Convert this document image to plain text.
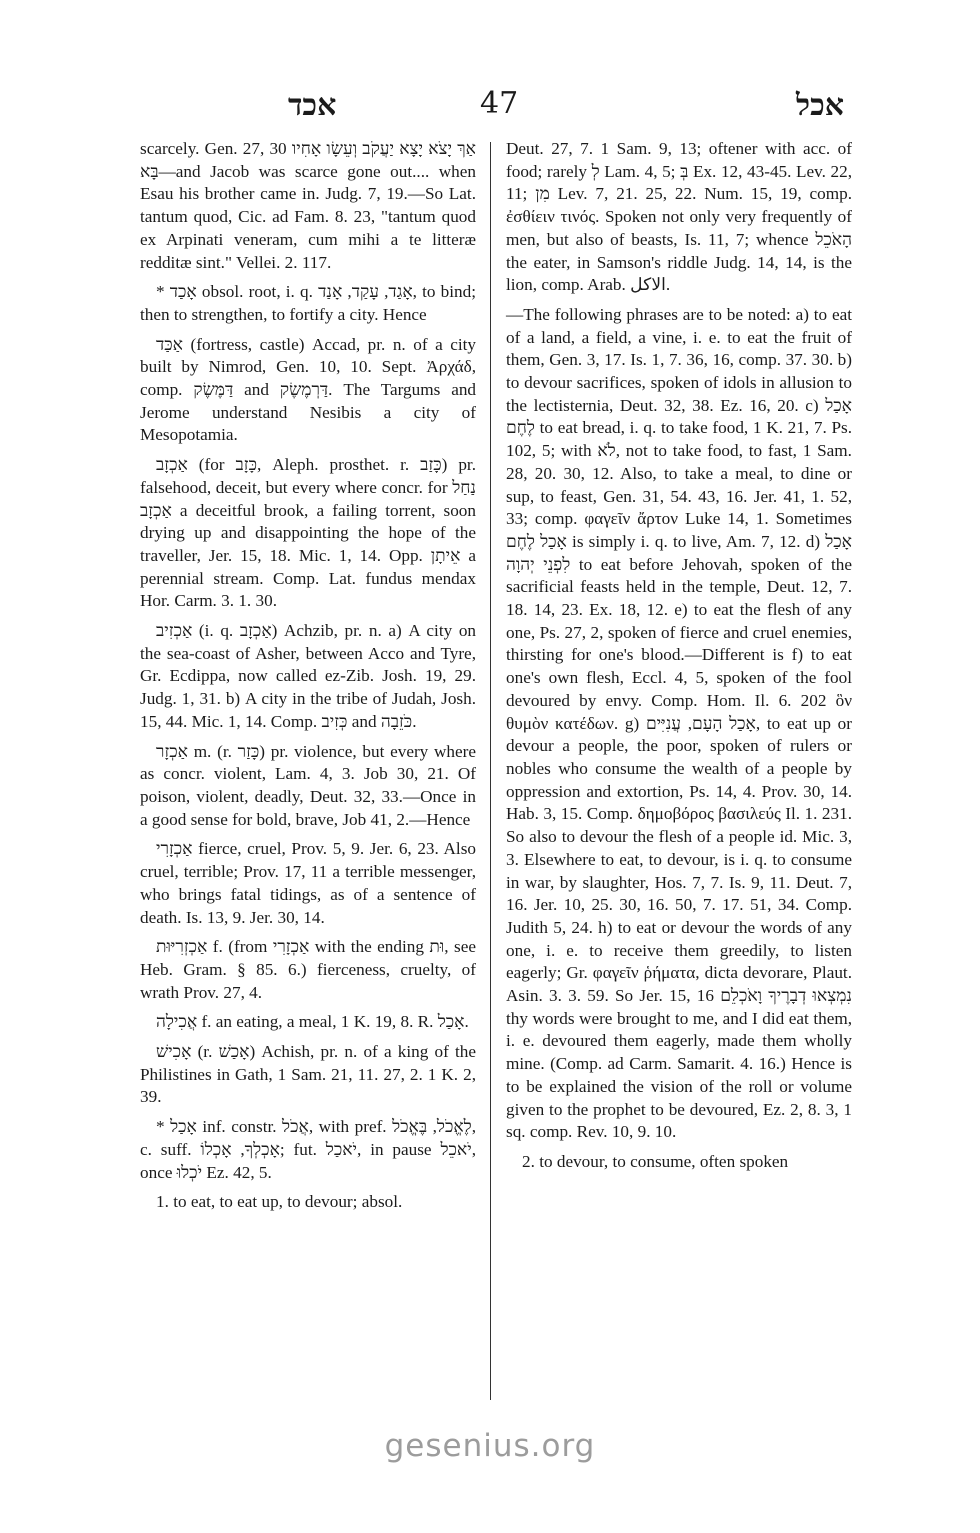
אכד	47	אכל

scarcely. Gen. 27, 30 אַךְ יָצֹא יָצָא יַעֲקֹב וְעֵשָׂו אָחִיו בָּא—and Jacob was scarce gone out.... when Esau his brother came in. Judg. 7, 19.—So Lat. tantum quod, Cic. ad Fam. 8. 23, "tantum quod ex Arpinati veneram, cum mihi a te litteræ redditæ sint." Vellei. 2. 117.

* אָכַד obsol. root, i. q. אָגַד, עָקַד, אָנַד, to bind; then to strengthen, to fortify a city. Hence

אַכַּד (fortress, castle) Accad, pr. n. of a city built by Nimrod, Gen. 10, 10. Sept. Ἀρχάδ, comp. דַּמֶּשֶׂק and דַּרְמֶשֶׂק. The Targums and Jerome understand Nesibis a city of Mesopotamia.

אַכְזָב (for כָּזָב, Aleph. prosthet. r. כָּזַב) pr. falsehood, deceit, but every where concr. for נַחַל אַכְזָב a deceitful brook, a failing torrent, soon drying up and disappointing the hope of the traveller, Jer. 15, 18. Mic. 1, 14. Opp. אֵיתָן a perennial stream. Comp. Lat. fundus mendax Hor. Carm. 3. 1. 30.

אַכְזִיב (i. q. אַכְזָב) Achzib, pr. n. a) A city on the sea-coast of Asher, between Acco and Tyre, Gr. Ecdippa, now called ez-Zib. Josh. 19, 29. Judg. 1, 31. b) A city in the tribe of Judah, Josh. 15, 44. Mic. 1, 14. Comp. כְּזִיב and כֹּזֵבָה.

אַכְזָר m. (r. כָּזַר) pr. violence, but every where as concr. violent, Lam. 4, 3. Job 30, 21. Of poison, violent, deadly, Deut. 32, 33.—Once in a good sense for bold, brave, Job 41, 2.—Hence

אַכְזָרִי fierce, cruel, Prov. 5, 9. Jer. 6, 23. Also cruel, terrible; Prov. 17, 11 a terrible messenger, who brings fatal tidings, as of a sentence of death. Is. 13, 9. Jer. 30, 14.

אַכְזְרִיּוּת f. (from אַכְזָרִי with the ending וּת, see Heb. Gram. § 85. 6.) fierceness, cruelty, of wrath Prov. 27, 4.

אֲכִילָה f. an eating, a meal, 1 K. 19, 8. R. אָכַל.

אָכִישׁ (r. אָכַשׁ) Achish, pr. n. of a king of the Philistines in Gath, 1 Sam. 21, 11. 27, 2. 1 K. 2, 39.

* אָכַל inf. constr. אֲכֹל, with pref. לֶאֱכֹל, בֶּאֱכֹל, c. suff. אָכְלְךָ, אָכְלוֹ; fut. יֹאכַל, in pause יֹאכֵל, once יֹכְלוּ Ez. 42, 5.

1. to eat, to eat up, to devour; absol.

Deut. 27, 7. 1 Sam. 9, 13; oftener with acc. of food; rarely לְ Lam. 4, 5; בְּ Ex. 12, 43-45. Lev. 22, 11; מִן Lev. 7, 21. 25, 22. Num. 15, 19, comp. ἐσθίειν τινός. Spoken not only very frequently of men, but also of beasts, Is. 11, 7; whence הָאֹכֵל the eater, in Samson's riddle Judg. 14, 14, is the lion, comp. Arab. الاكل.

—The following phrases are to be noted: a) to eat of a land, a field, a vine, i. e. to eat the fruit of them, Gen. 3, 17. Is. 1, 7. 36, 16, comp. 37. 30. b) to devour sacrifices, spoken of idols in allusion to the lectisternia, Deut. 32, 38. Ez. 16, 20. c) אָכַל לֶחֶם to eat bread, i. q. to take food, 1 K. 21, 7. Ps. 102, 5; with לֹא, not to take food, to fast, 1 Sam. 28, 20. 30, 12. Also, to take a meal, to dine or sup, to feast, Gen. 31, 54. 43, 16. Jer. 41, 1. 52, 33; comp. φαγεῖν ἄρτον Luke 14, 1. Sometimes אָכַל לֶחֶם is simply i. q. to live, Am. 7, 12. d) אָכַל לִפְנֵי יְהוָה to eat before Jehovah, spoken of the sacrificial feasts held in the temple, Deut. 12, 7. 18. 14, 23. Ex. 18, 12. e) to eat the flesh of any one, Ps. 27, 2, spoken of fierce and cruel enemies, thirsting for one's blood.—Different is f) to eat one's own flesh, Eccl. 4, 5, spoken of the fool devoured by envy. Comp. Hom. Il. 6. 202 ὃν θυμὸν κατέδων. g) אָכַל הָעָם, עֲנִיִּים, to eat up or devour a people, the poor, spoken of rulers or nobles who consume the wealth of a people by oppression and extortion, Ps. 14, 4. Prov. 30, 14. Hab. 3, 15. Comp. δημοβόρος βασιλεύς Il. 1. 231. So also to devour the flesh of a people id. Mic. 3, 3. Elsewhere to eat, to devour, is i. q. to consume in war, by slaughter, Hos. 7, 7. Is. 9, 11. Deut. 7, 16. Jer. 10, 25. 30, 16. 50, 7. 17. 51, 34. Comp. Judith 5, 24. h) to eat or devour the words of any one, i. e. to receive them greedily, to listen eagerly; Gr. φαγεῖν ῥήματα, dicta devorare, Plaut. Asin. 3. 3. 59. So Jer. 15, 16 נִמְצְאוּ דְבָרֶיךָ וָאֹכְלֵם thy words were brought to me, and I did eat them, i. e. devoured them eagerly, made them wholly mine. (Comp. ad Carm. Samarit. 4. 16.) Hence is to be explained the vision of the roll or volume given to the prophet to be devoured, Ez. 2, 8. 3, 1 sq. comp. Rev. 10, 9. 10.

2. to devour, to consume, often spoken

gesenius.org
